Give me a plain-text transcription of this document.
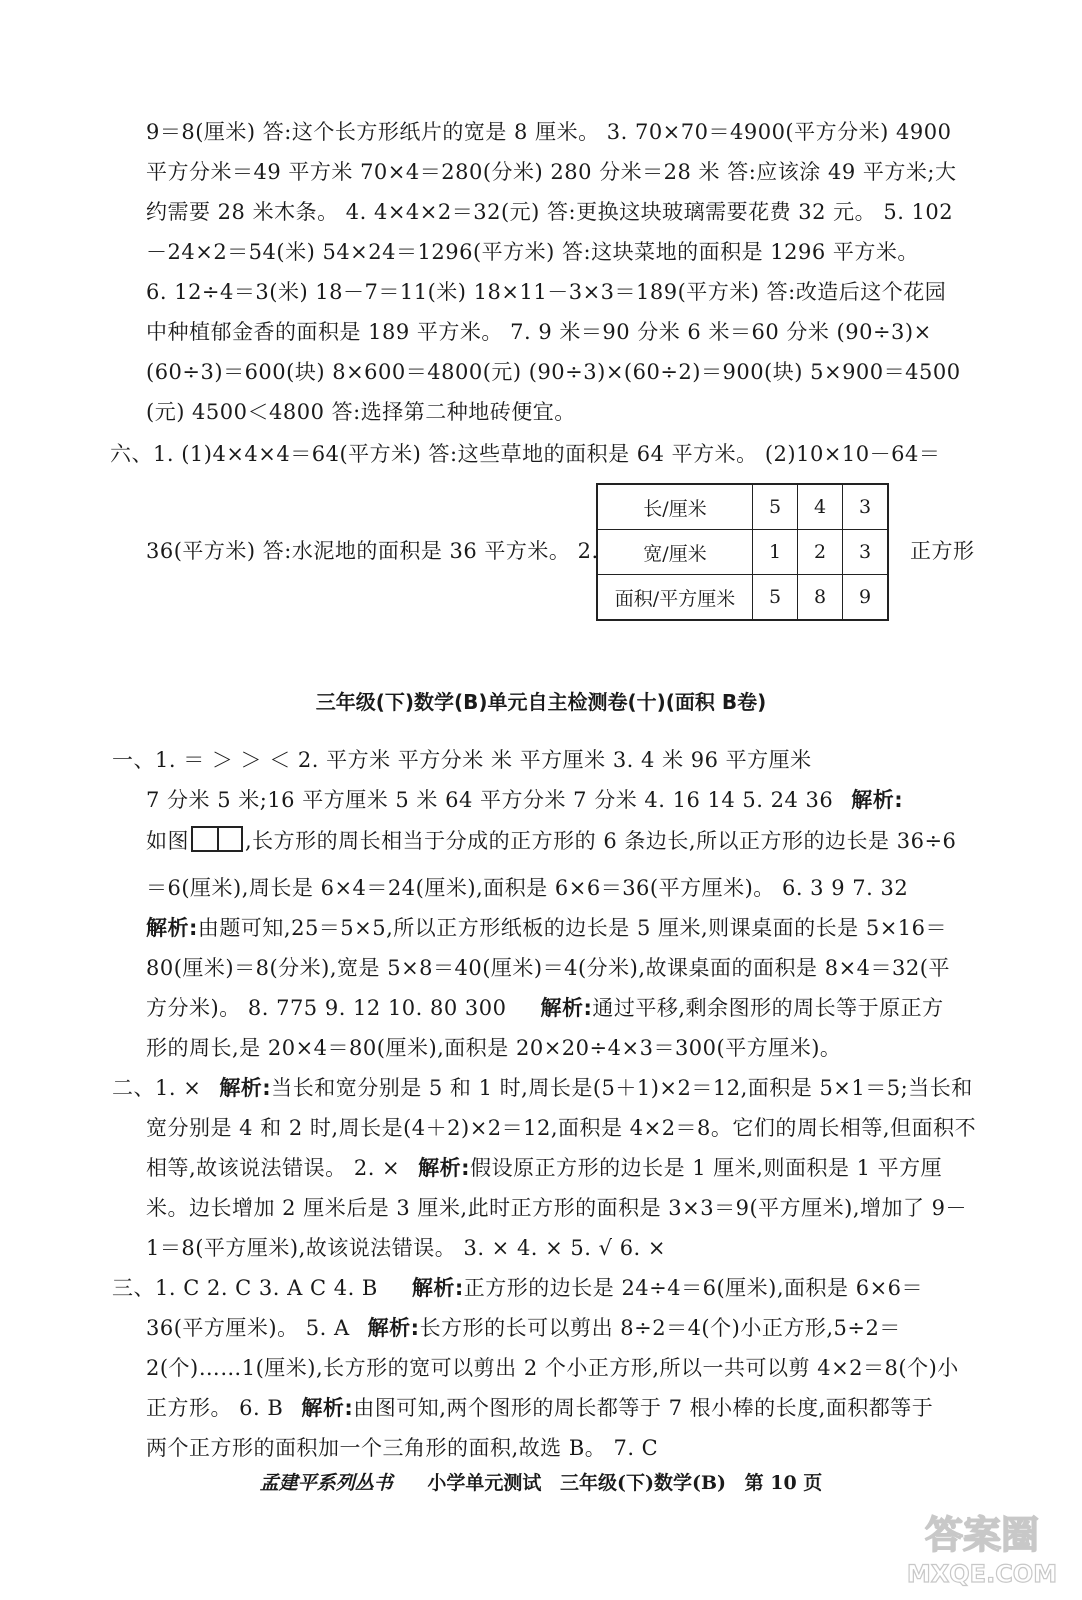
9＝8(厘米) 答:这个长方形纸片的宽是 8 厘米。 3. 70×70＝4900(平方分米) 4900
平方分米＝49 平方米 70×4＝280(分米) 280 分米＝28 米 答:应该涂 49 平方米;大
约需要 28 米木条。 4. 4×4×2＝32(元) 答:更换这块玻璃需要花费 32 元。 5. 102
－24×2＝54(米) 54×24＝1296(平方米) 答:这块菜地的面积是 1296 平方米。
6. 12÷4＝3(米) 18－7＝11(米) 18×11－3×3＝189(平方米) 答:改造后这个花园
中种植郁金香的面积是 189 平方米。 7. 9 米＝90 分米 6 米＝60 分米 (90÷3)×
(60÷3)＝600(块) 8×600＝4800(元) (90÷3)×(60÷2)＝900(块) 5×900＝4500
(元) 4500＜4800 答:选择第二种地砖便宜。
六、1. (1)4×4×4＝64(平方米) 答:这些草地的面积是 64 平方米。 (2)10×10－64＝
36(平方米) 答:水泥地的面积是 36 平方米。 2.
长/厘米	5	4	3
宽/厘米	1	2	3
面积/平方厘米	5	8	9
正方形
三年级(下)数学(B)单元自主检测卷(十)(面积 B卷)
一、1. ＝ ＞ ＞ ＜ 2. 平方米 平方分米 米 平方厘米 3. 4 米 96 平方厘米
7 分米 5 米;16 平方厘米 5 米 64 平方分米 7 分米 4. 16 14 5. 24 36 解析:
如图	,长方形的周长相当于分成的正方形的 6 条边长,所以正方形的边长是 36÷6
＝6(厘米),周长是 6×4＝24(厘米),面积是 6×6＝36(平方厘米)。 6. 3 9 7. 32
解析:由题可知,25＝5×5,所以正方形纸板的边长是 5 厘米,则课桌面的长是 5×16＝
80(厘米)＝8(分米),宽是 5×8＝40(厘米)＝4(分米),故课桌面的面积是 8×4＝32(平
方分米)。 8. 775 9. 12 10. 80 300 解析:通过平移,剩余图形的周长等于原正方
形的周长,是 20×4＝80(厘米),面积是 20×20÷4×3＝300(平方厘米)。
二、1. × 解析:当长和宽分别是 5 和 1 时,周长是(5＋1)×2＝12,面积是 5×1＝5;当长和
宽分别是 4 和 2 时,周长是(4＋2)×2＝12,面积是 4×2＝8。它们的周长相等,但面积不
相等,故该说法错误。 2. × 解析:假设原正方形的边长是 1 厘米,则面积是 1 平方厘
米。边长增加 2 厘米后是 3 厘米,此时正方形的面积是 3×3＝9(平方厘米),增加了 9－
1＝8(平方厘米),故该说法错误。 3. × 4. × 5. √ 6. ×
三、1. C 2. C 3. A C 4. B 解析:正方形的边长是 24÷4＝6(厘米),面积是 6×6＝
36(平方厘米)。 5. A 解析:长方形的长可以剪出 8÷2＝4(个)小正方形,5÷2＝
2(个)……1(厘米),长方形的宽可以剪出 2 个小正方形,所以一共可以剪 4×2＝8(个)小
正方形。 6. B 解析:由图可知,两个图形的周长都等于 7 根小棒的长度,面积都等于
两个正方形的面积加一个三角形的面积,故选 B。 7. C
孟建平系列丛书 小学单元测试 三年级(下)数学(B) 第 10 页
答案圈
MXQE.COM
